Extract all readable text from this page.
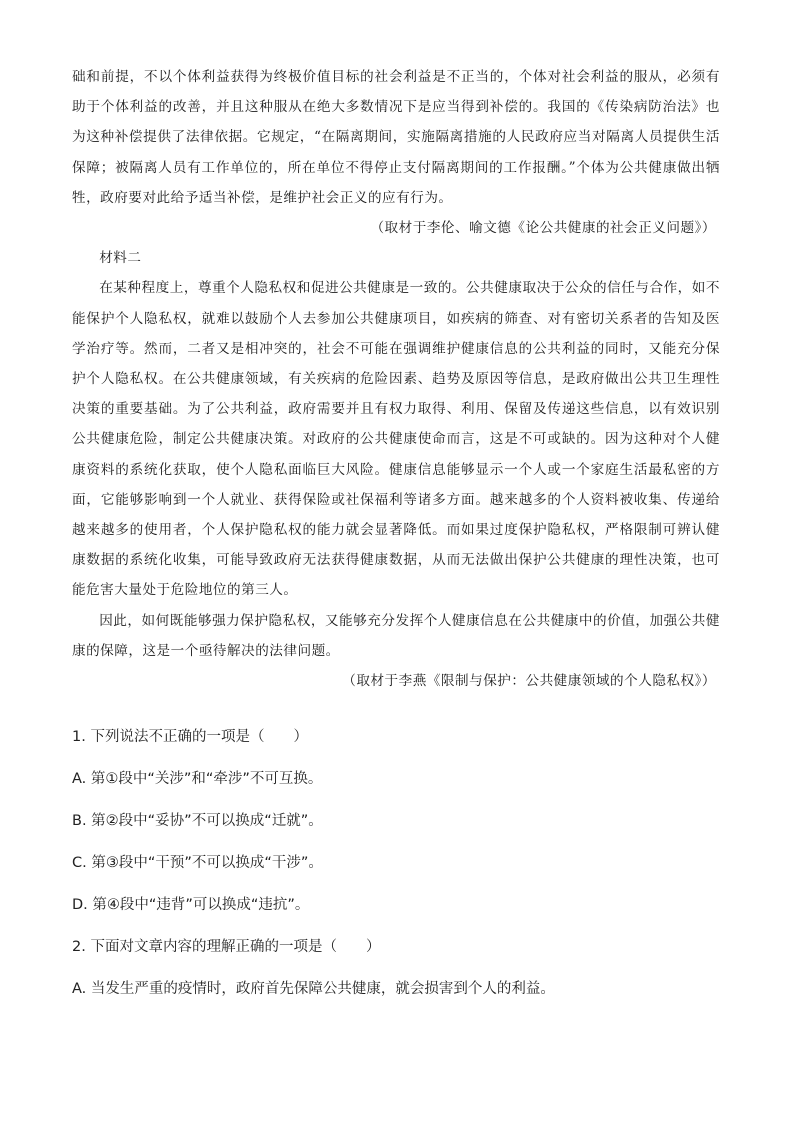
础和前提，不以个体利益获得为终极价值目标的社会利益是不正当的，个体对社会利益的服从，必须有助于个体利益的改善，并且这种服从在绝大多数情况下是应当得到补偿的。我国的《传染病防治法》也为这种补偿提供了法律依据。它规定，“在隔离期间，实施隔离措施的人民政府应当对隔离人员提供生活保障；被隔离人员有工作单位的，所在单位不得停止支付隔离期间的工作报酬。”个体为公共健康做出牺牲，政府要对此给予适当补偿，是维护社会正义的应有行为。

（取材于李伦、喻文德《论公共健康的社会正义问题》）

材料二

在某种程度上，尊重个人隐私权和促进公共健康是一致的。公共健康取决于公众的信任与合作，如不能保护个人隐私权，就难以鼓励个人去参加公共健康项目，如疾病的筛查、对有密切关系者的告知及医学治疗等。然而，二者又是相冲突的，社会不可能在强调维护健康信息的公共利益的同时，又能充分保护个人隐私权。在公共健康领域，有关疾病的危险因素、趋势及原因等信息，是政府做出公共卫生理性决策的重要基础。为了公共利益，政府需要并且有权力取得、利用、保留及传递这些信息，以有效识别公共健康危险，制定公共健康决策。对政府的公共健康使命而言，这是不可或缺的。因为这种对个人健康资料的系统化获取，使个人隐私面临巨大风险。健康信息能够显示一个人或一个家庭生活最私密的方面，它能够影响到一个人就业、获得保险或社保福利等诸多方面。越来越多的个人资料被收集、传递给越来越多的使用者，个人保护隐私权的能力就会显著降低。而如果过度保护隐私权，严格限制可辨认健康数据的系统化收集，可能导致政府无法获得健康数据，从而无法做出保护公共健康的理性决策，也可能危害大量处于危险地位的第三人。

因此，如何既能够强力保护隐私权，又能够充分发挥个人健康信息在公共健康中的价值，加强公共健康的保障，这是一个亟待解决的法律问题。

（取材于李燕《限制与保护：公共健康领域的个人隐私权》）

1. 下列说法不正确的一项是（　　）

A. 第①段中“关涉”和“牵涉”不可互换。

B. 第②段中“妥协”不可以换成“迁就”。

C. 第③段中“干预”不可以换成“干涉”。

D. 第④段中“违背”可以换成“违抗”。

2. 下面对文章内容的理解正确的一项是（　　）

A. 当发生严重的疫情时，政府首先保障公共健康，就会损害到个人的利益。
